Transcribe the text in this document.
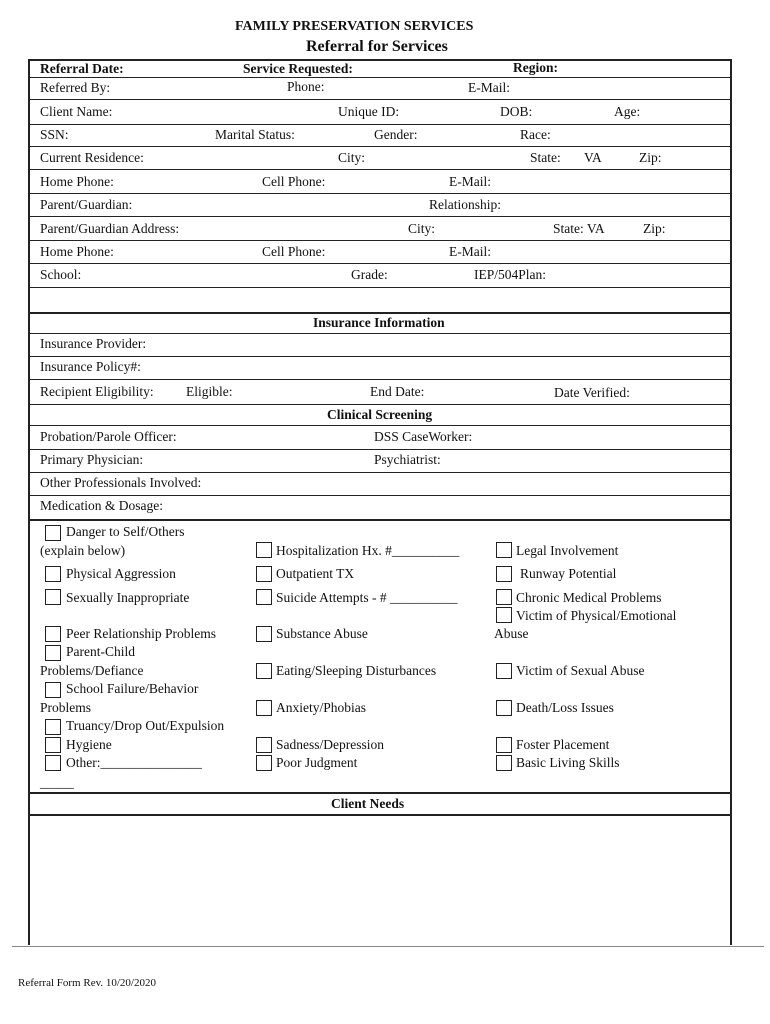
FAMILY PRESERVATION SERVICES
Referral for Services
Referral Date:	Service Requested:	Region:
Referred By:	Phone:	E-Mail:
Client Name:	Unique ID:	DOB:	Age:
SSN:	Marital Status:	Gender:	Race:
Current Residence:	City:	State: VA	Zip:
Home Phone:	Cell Phone:	E-Mail:
Parent/Guardian:	Relationship:
Parent/Guardian Address:	City:	State: VA	Zip:
Home Phone:	Cell Phone:	E-Mail:
School:	Grade:	IEP/504Plan:
Insurance Information
Insurance Provider:
Insurance Policy#:
Recipient Eligibility: Eligible:	End Date:	Date Verified:
Clinical Screening
Probation/Parole Officer:	DSS CaseWorker:
Primary Physician:	Psychiatrist:
Other Professionals Involved:
Medication & Dosage:
Danger to Self/Others
(explain below)
Physical Aggression
Sexually Inappropriate
Peer Relationship Problems
Parent-Child
Problems/Defiance
School Failure/Behavior
Problems
Truancy/Drop Out/Expulsion
Hygiene
Other:_______________
_____
Hospitalization Hx. #__________
Outpatient TX
Suicide Attempts - # __________
Substance Abuse
Eating/Sleeping Disturbances
Anxiety/Phobias
Sadness/Depression
Poor Judgment
Legal Involvement
Runway Potential
Chronic Medical Problems
Victim of Physical/Emotional
Abuse
Victim of Sexual Abuse
Death/Loss Issues
Foster Placement
Basic Living Skills
Client Needs
Referral Form Rev. 10/20/2020
